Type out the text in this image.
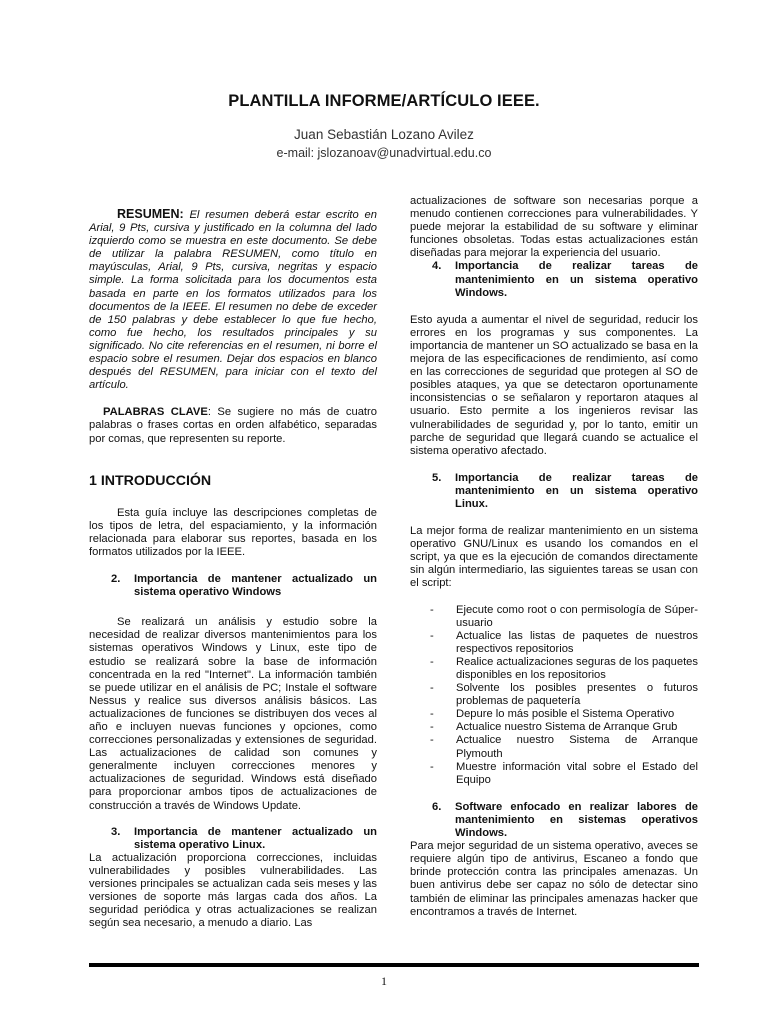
PLANTILLA INFORME/ARTÍCULO IEEE.
Juan Sebastián Lozano Avilez
e-mail: jslozanoav@unadvirtual.edu.co

RESUMEN: El resumen deberá estar escrito en Arial, 9 Pts, cursiva y justificado en la columna del lado izquierdo como se muestra en este documento. Se debe de utilizar la palabra RESUMEN, como título en mayúsculas, Arial, 9 Pts, cursiva, negritas y espacio simple. La forma solicitada para los documentos esta basada en parte en los formatos utilizados para los documentos de la IEEE. El resumen no debe de exceder de 150 palabras y debe establecer lo que fue hecho, como fue hecho, los resultados principales y su significado. No cite referencias en el resumen, ni borre el espacio sobre el resumen. Dejar dos espacios en blanco después del RESUMEN, para iniciar con el texto del artículo.

PALABRAS CLAVE: Se sugiere no más de cuatro palabras o frases cortas en orden alfabético, separadas por comas, que representen su reporte.

1 INTRODUCCIÓN

Esta guía incluye las descripciones completas de los tipos de letra, del espaciamiento, y la información relacionada para elaborar sus reportes, basada en los formatos utilizados por la IEEE.

2.	Importancia de mantener actualizado un sistema operativo Windows

Se realizará un análisis y estudio sobre la necesidad de realizar diversos mantenimientos para los sistemas operativos Windows y Linux, este tipo de estudio se realizará sobre la base de información concentrada en la red "Internet". La información también se puede utilizar en el análisis de PC; Instale el software Nessus y realice sus diversos análisis básicos. Las actualizaciones de funciones se distribuyen dos veces al año e incluyen nuevas funciones y opciones, como correcciones personalizadas y extensiones de seguridad. Las actualizaciones de calidad son comunes y generalmente incluyen correcciones menores y actualizaciones de seguridad. Windows está diseñado para proporcionar ambos tipos de actualizaciones de construcción a través de Windows Update.

3.	Importancia de mantener actualizado un sistema operativo Linux.

La actualización proporciona correcciones, incluidas vulnerabilidades y posibles vulnerabilidades. Las versiones principales se actualizan cada seis meses y las versiones de soporte más largas cada dos años. La seguridad periódica y otras actualizaciones se realizan según sea necesario, a menudo a diario. Las

actualizaciones de software son necesarias porque a menudo contienen correcciones para vulnerabilidades. Y puede mejorar la estabilidad de su software y eliminar funciones obsoletas. Todas estas actualizaciones están diseñadas para mejorar la experiencia del usuario.

4.	Importancia de realizar tareas de mantenimiento en un sistema operativo Windows.

Esto ayuda a aumentar el nivel de seguridad, reducir los errores en los programas y sus componentes. La importancia de mantener un SO actualizado se basa en la mejora de las especificaciones de rendimiento, así como en las correcciones de seguridad que protegen al SO de posibles ataques, ya que se detectaron oportunamente inconsistencias o se señalaron y reportaron ataques al usuario. Esto permite a los ingenieros revisar las vulnerabilidades de seguridad y, por lo tanto, emitir un parche de seguridad que llegará cuando se actualice el sistema operativo afectado.

5.	Importancia de realizar tareas de mantenimiento en un sistema operativo Linux.

La mejor forma de realizar mantenimiento en un sistema operativo GNU/Linux es usando los comandos en el script, ya que es la ejecución de comandos directamente sin algún intermediario, las siguientes tareas se usan con el script:

-	Ejecute como root o con permisología de Súper-usuario
-	Actualice las listas de paquetes de nuestros respectivos repositorios
-	Realice actualizaciones seguras de los paquetes disponibles en los repositorios
-	Solvente los posibles presentes o futuros problemas de paquetería
-	Depure lo más posible el Sistema Operativo
-	Actualice nuestro Sistema de Arranque Grub
-	Actualice nuestro Sistema de Arranque Plymouth
-	Muestre información vital sobre el Estado del Equipo
6.	Software enfocado en realizar labores de mantenimiento en sistemas operativos Windows.

Para mejor seguridad de un sistema operativo, aveces se requiere algún tipo de antivirus, Escaneo a fondo que brinde protección contra las principales amenazas. Un buen antivirus debe ser capaz no sólo de detectar sino también de eliminar las principales amenazas hacker que encontramos a través de Internet.

1
